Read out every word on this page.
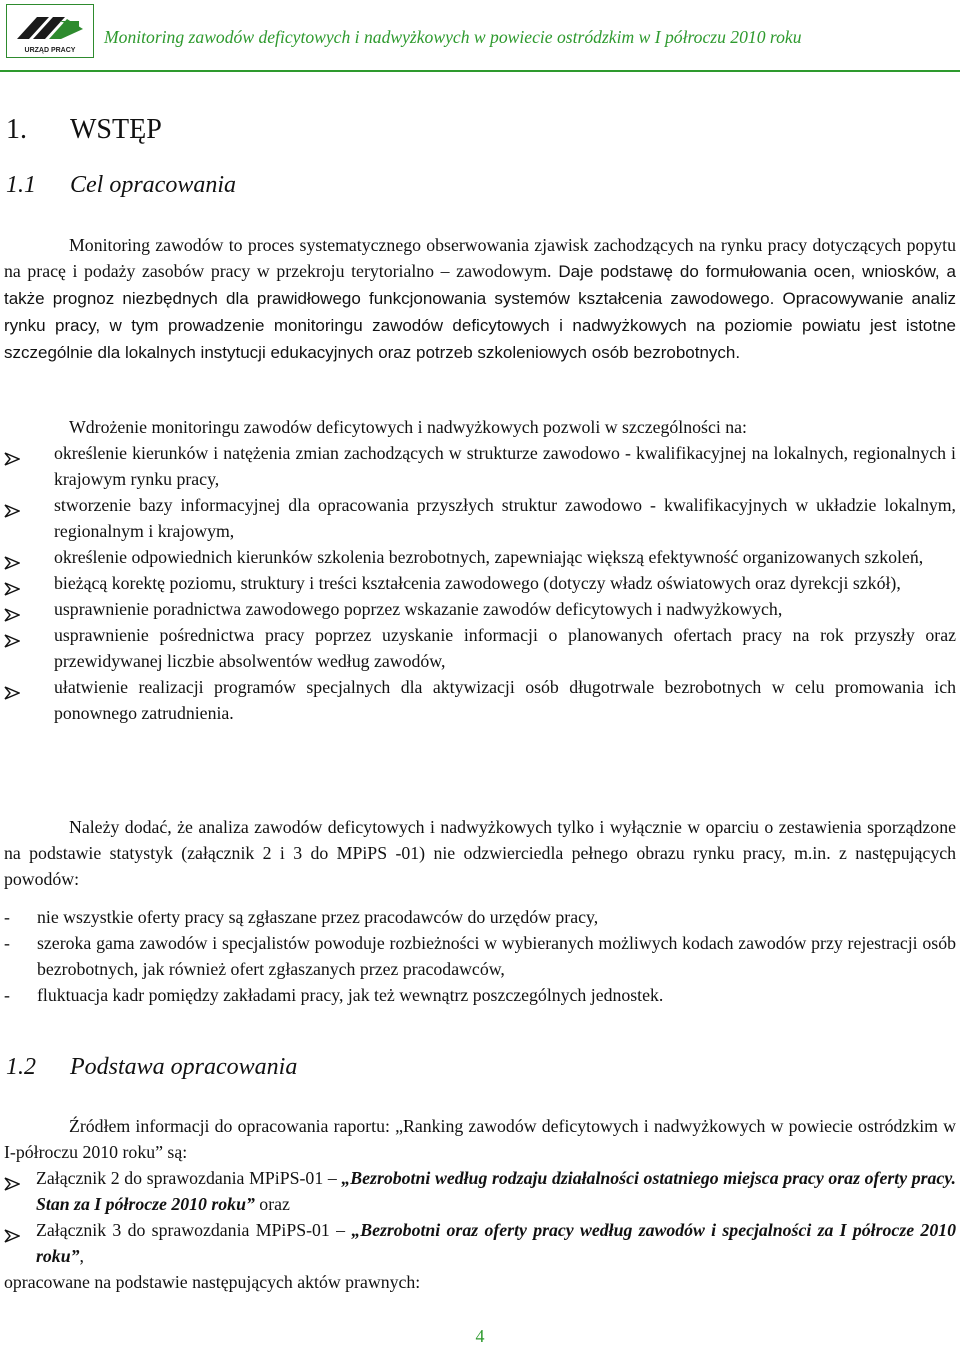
URZĄD PRACY
Monitoring zawodów deficytowych i nadwyżkowych w powiecie ostródzkim w I półroczu 2010 roku
1. WSTĘP
1.1 Cel opracowania

Monitoring zawodów to proces systematycznego obserwowania zjawisk zachodzących na rynku pracy dotyczących popytu na pracę i podaży zasobów pracy w przekroju terytorialno – zawodowym. Daje podstawę do formułowania ocen, wniosków, a także prognoz niezbędnych dla prawidłowego funkcjonowania systemów kształcenia zawodowego. Opracowywanie analiz rynku pracy, w tym prowadzenie monitoringu zawodów deficytowych i nadwyżkowych na poziomie powiatu jest istotne szczególnie dla lokalnych instytucji edukacyjnych oraz potrzeb szkoleniowych osób bezrobotnych.

Wdrożenie monitoringu zawodów deficytowych i nadwyżkowych pozwoli w szczególności na:

określenie kierunków i natężenia zmian zachodzących w strukturze zawodowo - kwalifikacyjnej na lokalnych, regionalnych i krajowym rynku pracy,
stworzenie bazy informacyjnej dla opracowania przyszłych struktur zawodowo - kwalifikacyjnych w układzie lokalnym, regionalnym i krajowym,
określenie odpowiednich kierunków szkolenia bezrobotnych, zapewniając większą efektywność organizowanych szkoleń,
bieżącą korektę poziomu, struktury i treści kształcenia zawodowego (dotyczy władz oświatowych oraz dyrekcji szkół),
usprawnienie poradnictwa zawodowego poprzez wskazanie zawodów deficytowych i nadwyżkowych,
usprawnienie pośrednictwa pracy poprzez uzyskanie informacji o planowanych ofertach pracy na rok przyszły oraz przewidywanej liczbie absolwentów według zawodów,
ułatwienie realizacji programów specjalnych dla aktywizacji osób długotrwale bezrobotnych w celu promowania ich ponownego zatrudnienia.

Należy dodać, że analiza zawodów deficytowych i nadwyżkowych tylko i wyłącznie w oparciu o zestawienia sporządzone na podstawie statystyk (załącznik 2 i 3 do MPiPS -01) nie odzwierciedla pełnego obrazu rynku pracy, m.in. z następujących powodów:

- nie wszystkie oferty pracy są zgłaszane przez pracodawców do urzędów pracy,
- szeroka gama zawodów i specjalistów powoduje rozbieżności w wybieranych możliwych kodach zawodów przy rejestracji osób bezrobotnych, jak również ofert zgłaszanych przez pracodawców,
- fluktuacja kadr pomiędzy zakładami pracy, jak też wewnątrz poszczególnych jednostek.
1.2 Podstawa opracowania

Źródłem informacji do opracowania raportu: „Ranking zawodów deficytowych i nadwyżkowych w powiecie ostródzkim w I-półroczu 2010 roku” są:

Załącznik 2 do sprawozdania MPiPS-01 – „Bezrobotni według rodzaju działalności ostatniego miejsca pracy oraz oferty pracy. Stan za I półrocze 2010 roku” oraz
Załącznik 3 do sprawozdania MPiPS-01 – „Bezrobotni oraz oferty pracy według zawodów i specjalności za I półrocze 2010 roku”,

opracowane na podstawie następujących aktów prawnych:

4
